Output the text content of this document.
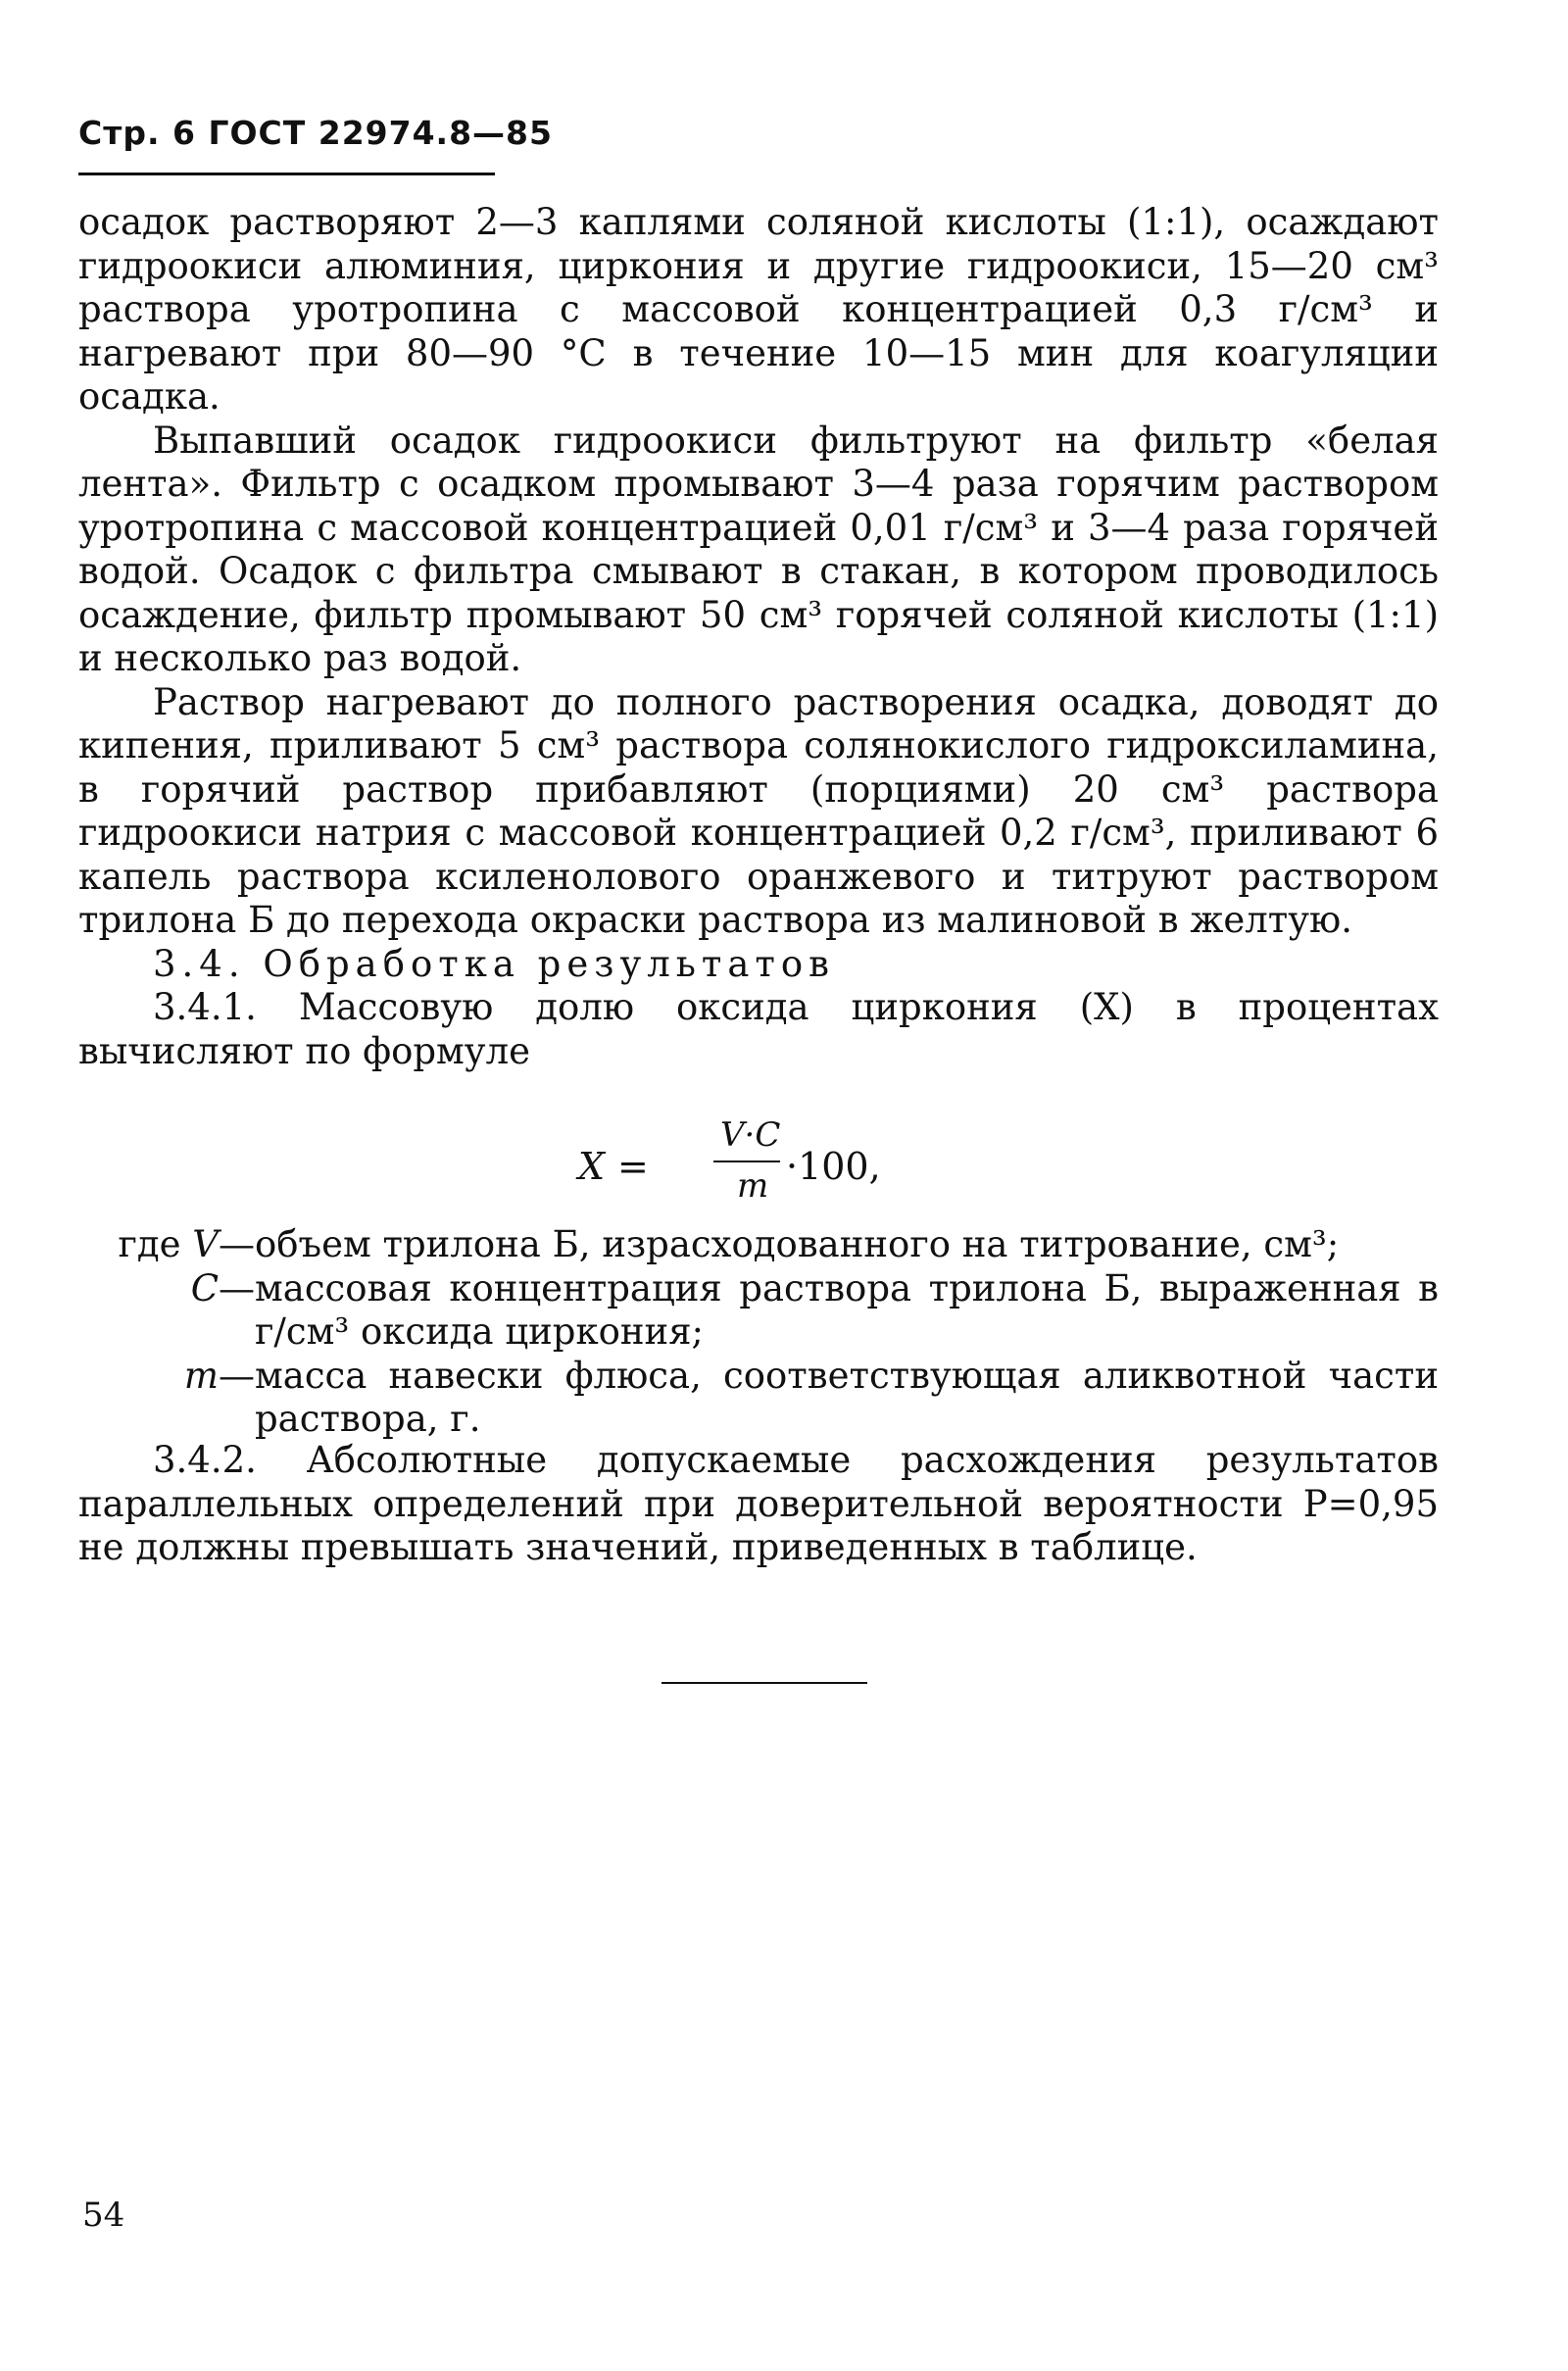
Стр. 6 ГОСТ 22974.8—85

осадок растворяют 2—3 каплями соляной кислоты (1:1), осаждают гидроокиси алюминия, циркония и другие гидроокиси, 15—20 см³ раствора уротропина с массовой концентрацией 0,3 г/см³ и нагревают при 80—90 °С в течение 10—15 мин для коагуляции осадка.

Выпавший осадок гидроокиси фильтруют на фильтр «белая лента». Фильтр с осадком промывают 3—4 раза горячим раствором уротропина с массовой концентрацией 0,01 г/см³ и 3—4 раза горячей водой. Осадок с фильтра смывают в стакан, в котором проводилось осаждение, фильтр промывают 50 см³ горячей соляной кислоты (1:1) и несколько раз водой.

Раствор нагревают до полного растворения осадка, доводят до кипения, приливают 5 см³ раствора солянокислого гидроксиламина, в горячий раствор прибавляют (порциями) 20 см³ раствора гидроокиси натрия с массовой концентрацией 0,2 г/см³, приливают 6 капель раствора ксиленолового оранжевого и титруют раствором трилона Б до перехода окраски раствора из малиновой в желтую.

3.4. Обработка результатов

3.4.1. Массовую долю оксида циркония (X) в процентах вычисляют по формуле

X =
V·C
m ·100,
где V— объем трилона Б, израсходованного на титрование, см³;
C— массовая концентрация раствора трилона Б, выраженная в г/см³ оксида циркония;
m— масса навески флюса, соответствующая аликвотной части раствора, г.

3.4.2. Абсолютные допускаемые расхождения результатов параллельных определений при доверительной вероятности P=0,95 не должны превышать значений, приведенных в таблице.

54
